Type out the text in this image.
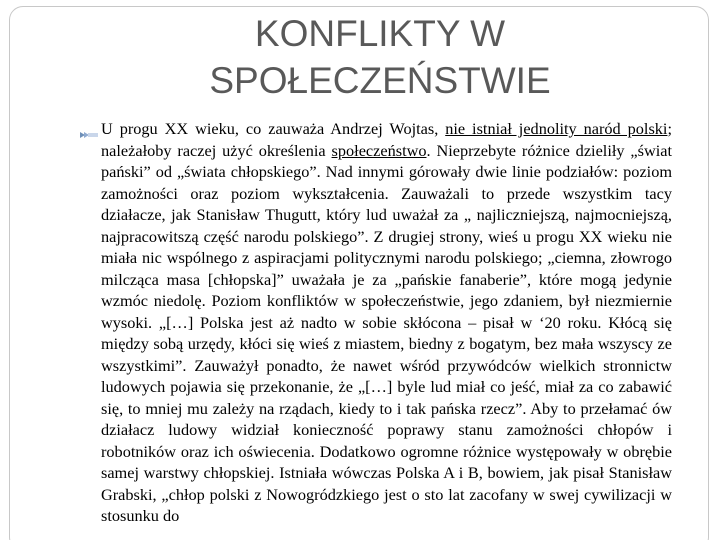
KONFLIKTY W
SPOŁECZEŃSTWIE

U progu XX wieku, co zauważa Andrzej Wojtas, nie istniał jednolity naród polski; należałoby raczej użyć określenia społeczeństwo. Nieprzebyte różnice dzieliły „świat pański” od „świata chłopskiego”. Nad innymi górowały dwie linie podziałów: poziom zamożności oraz poziom wykształcenia. Zauważali to przede wszystkim tacy działacze, jak Stanisław Thugutt, który lud uważał za „ najliczniejszą, najmocniejszą, najpracowitszą część narodu polskiego”. Z drugiej strony, wieś u progu XX wieku nie miała nic wspólnego z aspiracjami politycznymi narodu polskiego; „ciemna, złowrogo milcząca masa [chłopska]” uważała je za „pańskie fanaberie”, które mogą jedynie wzmóc niedolę. Poziom konfliktów w społeczeństwie, jego zdaniem, był niezmiernie wysoki. „[…] Polska jest aż nadto w sobie skłócona – pisał w ‘20 roku. Kłócą się między sobą urzędy, kłóci się wieś z miastem, biedny z bogatym, bez mała wszyscy ze wszystkimi”. Zauważył ponadto, że nawet wśród przywódców wielkich stronnictw ludowych pojawia się przekonanie, że „[…] byle lud miał co jeść, miał za co zabawić się, to mniej mu zależy na rządach, kiedy to i tak pańska rzecz”. Aby to przełamać ów działacz ludowy widział konieczność poprawy stanu zamożności chłopów i robotników oraz ich oświecenia. Dodatkowo ogromne różnice występowały w obrębie samej warstwy chłopskiej. Istniała wówczas Polska A i B, bowiem, jak pisał Stanisław Grabski, „chłop polski z Nowogródzkiego jest o sto lat zacofany w swej cywilizacji w stosunku do
